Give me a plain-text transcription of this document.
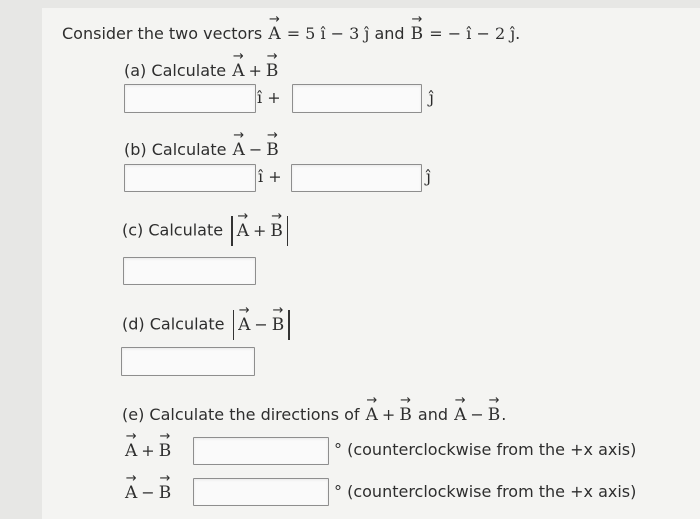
Consider the two vectors → A = 5 î − 3 ĵ and → B = − î − 2 ĵ.
(a) Calculate → A + → B
î +	ĵ
(b) Calculate → A − → B
î +	ĵ
(c) Calculate → A + → B
(d) Calculate → A − → B
(e) Calculate the directions of → A + → B and → A − → B.
→ A + → B	° (counterclockwise from the +x axis)
→ A − → B	° (counterclockwise from the +x axis)
